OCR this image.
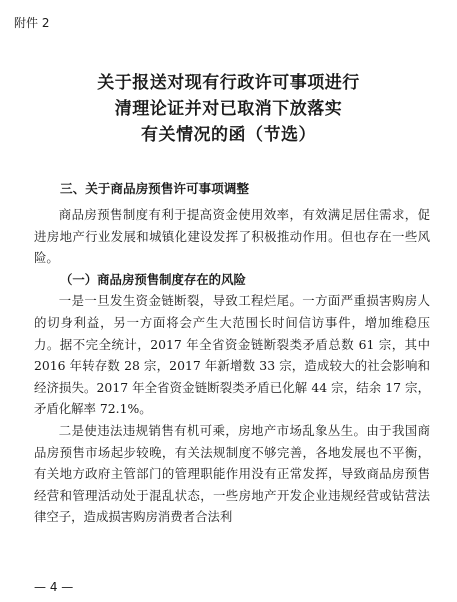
附件 2
关于报送对现有行政许可事项进行
清理论证并对已取消下放落实
有关情况的函（节选）
三、关于商品房预售许可事项调整

商品房预售制度有利于提高资金使用效率，有效满足居住需求，促进房地产行业发展和城镇化建设发挥了积极推动作用。但也存在一些风险。

（一）商品房预售制度存在的风险

一是一旦发生资金链断裂，导致工程烂尾。一方面严重损害购房人的切身利益，另一方面将会产生大范围长时间信访事件，增加维稳压力。据不完全统计，2017 年全省资金链断裂类矛盾总数 61 宗，其中 2016 年转存数 28 宗，2017 年新增数 33 宗，造成较大的社会影响和经济损失。2017 年全省资金链断裂类矛盾已化解 44 宗，结余 17 宗，矛盾化解率 72.1%。

二是使违法违规销售有机可乘，房地产市场乱象丛生。由于我国商品房预售市场起步较晚，有关法规制度不够完善，各地发展也不平衡，有关地方政府主管部门的管理职能作用没有正常发挥，导致商品房预售经营和管理活动处于混乱状态，一些房地产开发企业违规经营或钻营法律空子，造成损害购房消费者合法利

— 4 —
